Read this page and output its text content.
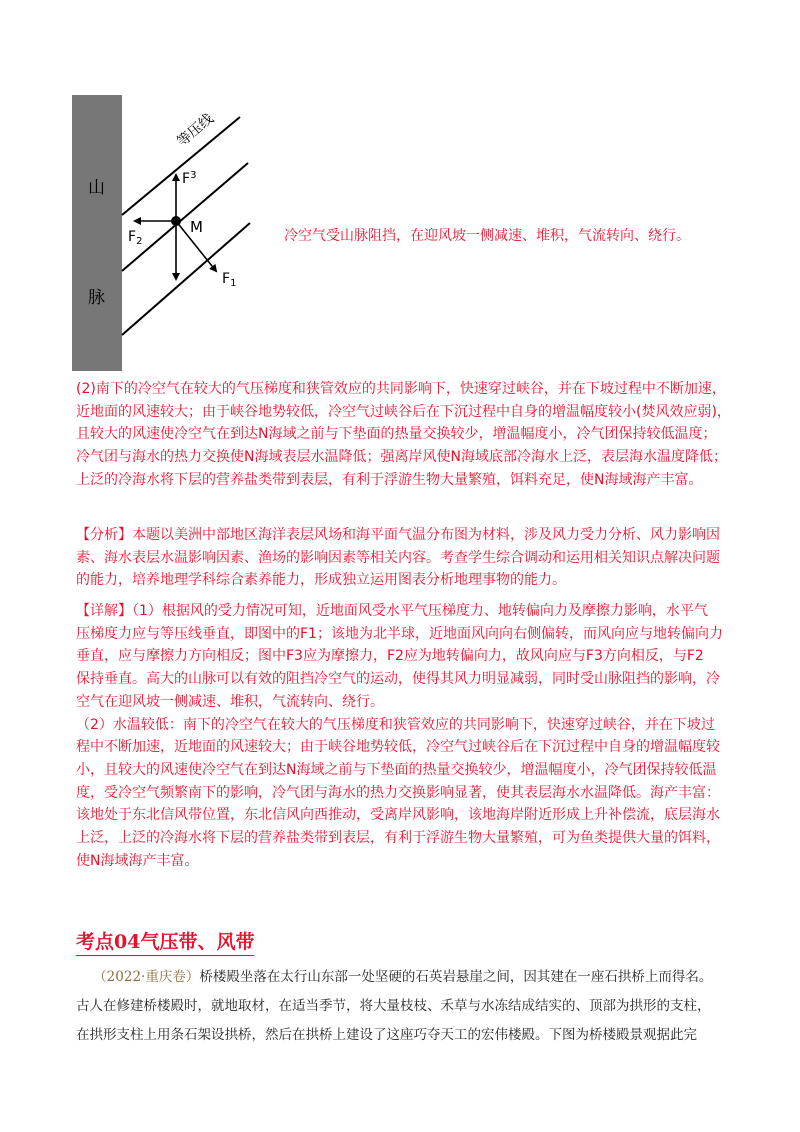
山
脉
等压线
M
$F^3$
$F_2$
$F_1$
冷空气受山脉阻挡，在迎风坡一侧减速、堆积，气流转向、绕行。

(2)南下的冷空气在较大的气压梯度和狭管效应的共同影响下，快速穿过峡谷，并在下坡过程中不断加速，

近地面的风速较大；由于峡谷地势较低，冷空气过峡谷后在下沉过程中自身的增温幅度较小(焚风效应弱)，

且较大的风速使冷空气在到达N海域之前与下垫面的热量交换较少，增温幅度小，冷气团保持较低温度；

冷气团与海水的热力交换使N海域表层水温降低；强离岸风使N海域底部冷海水上泛，表层海水温度降低；

上泛的冷海水将下层的营养盐类带到表层，有利于浮游生物大量繁殖，饵料充足，使N海域海产丰富。

【分析】本题以美洲中部地区海洋表层风场和海平面气温分布图为材料，涉及风力受力分析、风力影响因

素、海水表层水温影响因素、渔场的影响因素等相关内容。考查学生综合调动和运用相关知识点解决问题

的能力，培养地理学科综合素养能力，形成独立运用图表分析地理事物的能力。

【详解】（1）根据风的受力情况可知，近地面风受水平气压梯度力、地转偏向力及摩擦力影响，水平气

压梯度力应与等压线垂直，即图中的F1；该地为北半球，近地面风向向右侧偏转，而风向应与地转偏向力

垂直，应与摩擦力方向相反；图中F3应为摩擦力，F2应为地转偏向力，故风向应与F3方向相反，与F2

保持垂直。高大的山脉可以有效的阻挡冷空气的运动，使得其风力明显减弱，同时受山脉阻挡的影响，冷

空气在迎风坡一侧减速、堆积，气流转向、绕行。

（2）水温较低：南下的冷空气在较大的气压梯度和狭管效应的共同影响下，快速穿过峡谷，并在下坡过

程中不断加速，近地面的风速较大；由于峡谷地势较低，冷空气过峡谷后在下沉过程中自身的增温幅度较

小，且较大的风速使冷空气在到达N海域之前与下垫面的热量交换较少，增温幅度小，冷气团保持较低温

度，受冷空气频繁南下的影响，冷气团与海水的热力交换影响显著，使其表层海水水温降低。海产丰富：

该地处于东北信风带位置，东北信风向西推动，受离岸风影响，该地海岸附近形成上升补偿流，底层海水

上泛，上泛的冷海水将下层的营养盐类带到表层，有利于浮游生物大量繁殖，可为鱼类提供大量的饵料，

使N海域海产丰富。

考点04气压带、风带

（2022·重庆卷）桥楼殿坐落在太行山东部一处坚硬的石英岩悬崖之间，因其建在一座石拱桥上而得名。

古人在修建桥楼殿时，就地取材，在适当季节，将大量枝枝、禾草与水冻结成结实的、顶部为拱形的支柱，

在拱形支柱上用条石架设拱桥，然后在拱桥上建设了这座巧夺天工的宏伟楼殿。下图为桥楼殿景观据此完
